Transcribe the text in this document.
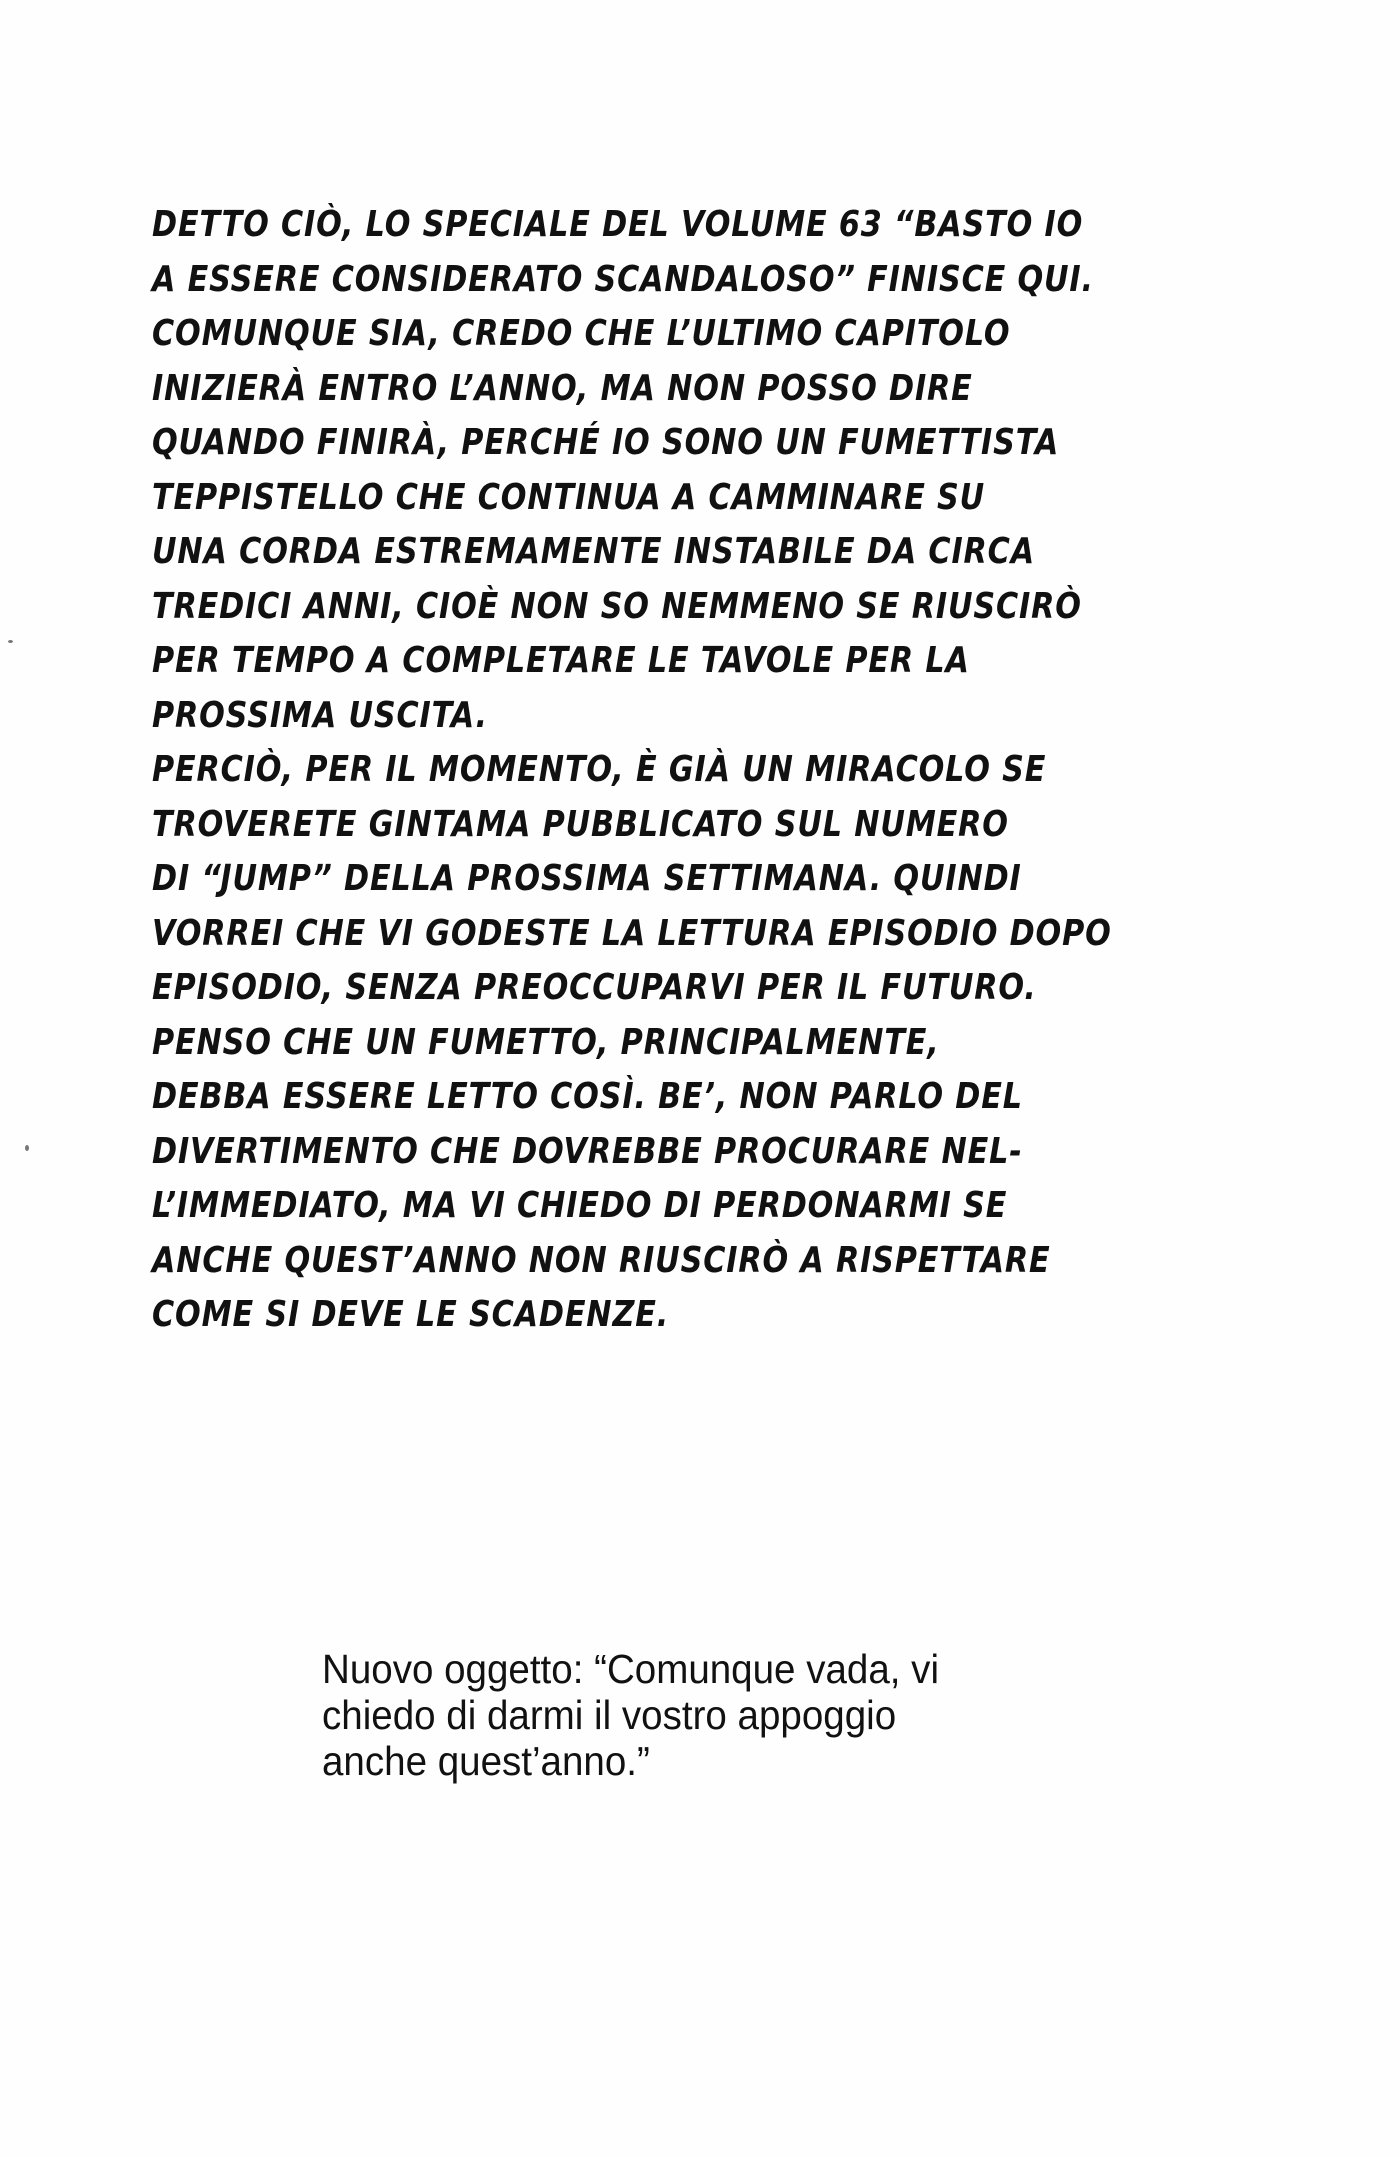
DETTO CIÒ, LO SPECIALE DEL VOLUME 63 “BASTO IO
A ESSERE CONSIDERATO SCANDALOSO” FINISCE QUI.
COMUNQUE SIA, CREDO CHE L’ULTIMO CAPITOLO
INIZIERÀ ENTRO L’ANNO, MA NON POSSO DIRE
QUANDO FINIRÀ, PERCHÉ IO SONO UN FUMETTISTA
TEPPISTELLO CHE CONTINUA A CAMMINARE SU
UNA CORDA ESTREMAMENTE INSTABILE DA CIRCA
TREDICI ANNI, CIOÈ NON SO NEMMENO SE RIUSCIRÒ
PER TEMPO A COMPLETARE LE TAVOLE PER LA
PROSSIMA USCITA.
PERCIÒ, PER IL MOMENTO, È GIÀ UN MIRACOLO SE
TROVERETE GINTAMA PUBBLICATO SUL NUMERO
DI “JUMP” DELLA PROSSIMA SETTIMANA. QUINDI
VORREI CHE VI GODESTE LA LETTURA EPISODIO DOPO
EPISODIO, SENZA PREOCCUPARVI PER IL FUTURO.
PENSO CHE UN FUMETTO, PRINCIPALMENTE,
DEBBA ESSERE LETTO COSÌ. BE’, NON PARLO DEL
DIVERTIMENTO CHE DOVREBBE PROCURARE NEL-
L’IMMEDIATO, MA VI CHIEDO DI PERDONARMI SE
ANCHE QUEST’ANNO NON RIUSCIRÒ A RISPETTARE
COME SI DEVE LE SCADENZE.
Nuovo oggetto: “Comunque vada, vi
chiedo di darmi il vostro appoggio
anche quest’anno.”
